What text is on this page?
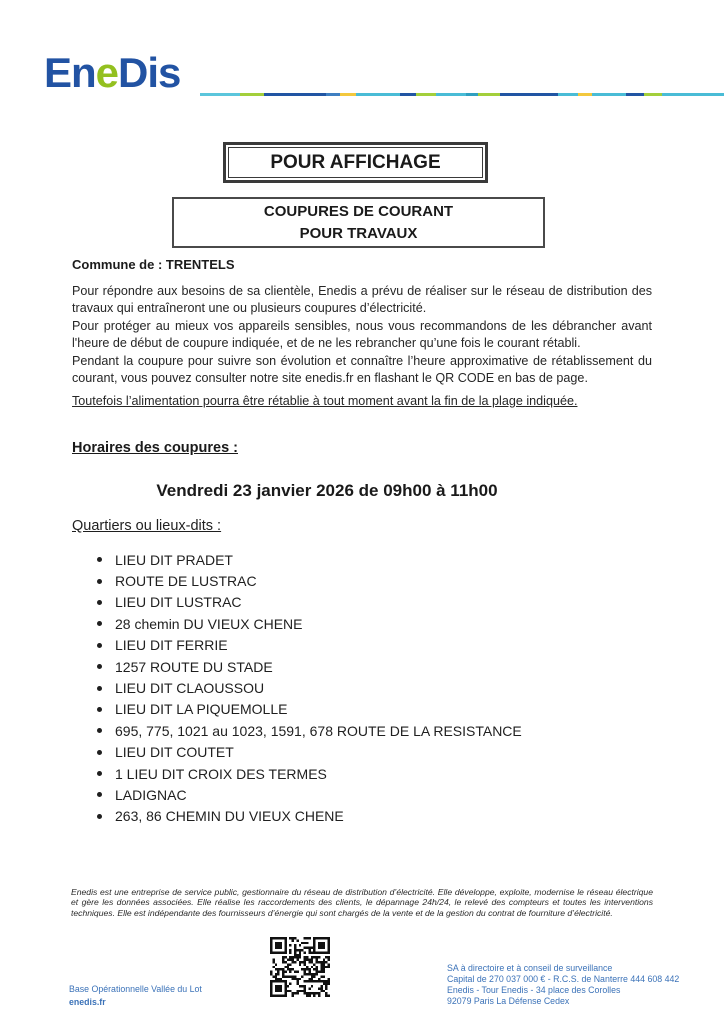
EneDis
POUR AFFICHAGE
COUPURES DE COURANT
POUR TRAVAUX
Commune de : TRENTELS

Pour répondre aux besoins de sa clientèle, Enedis a prévu de réaliser sur le réseau de distribution des travaux qui entraîneront une ou plusieurs coupures d’électricité.

Pour protéger au mieux vos appareils sensibles, nous vous recommandons de les débrancher avant l'heure de début de coupure indiquée, et de ne les rebrancher qu’une fois le courant rétabli.

Pendant la coupure pour suivre son évolution et connaître l’heure approximative de rétablissement du courant, vous pouvez consulter notre site enedis.fr en flashant le QR CODE en bas de page.

Toutefois l’alimentation pourra être rétablie à tout moment avant la fin de la plage indiquée.

Horaires des coupures :
Vendredi 23 janvier 2026 de 09h00 à 11h00
Quartiers ou lieux-dits :
LIEU DIT PRADET
ROUTE DE LUSTRAC
LIEU DIT LUSTRAC
28 chemin DU VIEUX CHENE
LIEU DIT FERRIE
1257 ROUTE DU STADE
LIEU DIT CLAOUSSOU
LIEU DIT LA PIQUEMOLLE
695, 775, 1021 au 1023, 1591, 678 ROUTE DE LA RESISTANCE
LIEU DIT COUTET
1 LIEU DIT CROIX DES TERMES
LADIGNAC
263, 86 CHEMIN DU VIEUX CHENE

Enedis est une entreprise de service public, gestionnaire du réseau de distribution d’électricité. Elle développe, exploite, modernise le réseau électrique et gère les données associées. Elle réalise les raccordements des clients, le dépannage 24h/24, le relevé des compteurs et toutes les interventions techniques. Elle est indépendante des fournisseurs d’énergie qui sont chargés de la vente et de la gestion du contrat de fourniture d’électricité.

Base Opérationnelle Vallée du Lot
enedis.fr
SA à directoire et à conseil de surveillance
Capital de 270 037 000 € - R.C.S. de Nanterre 444 608 442
Enedis - Tour Enedis - 34 place des Corolles
92079 Paris La Défense Cedex
